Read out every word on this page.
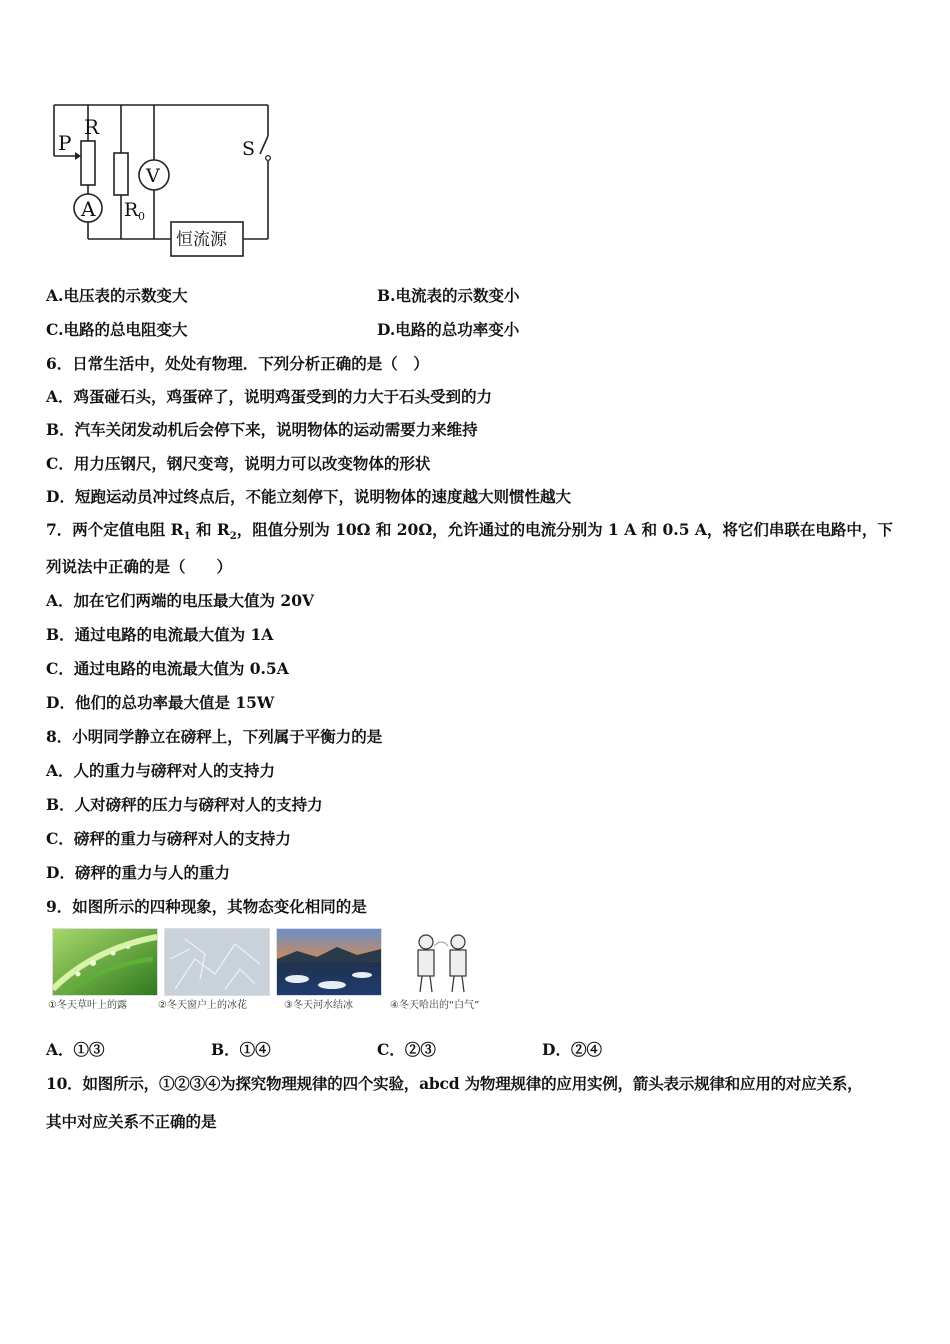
P
R
A
V
R 0
S
恒流源
A.电压表的示数变大	B.电流表的示数变小
C.电路的总电阻变大	D.电路的总功率变小
6．日常生活中，处处有物理．下列分析正确的是（　）
A．鸡蛋碰石头，鸡蛋碎了，说明鸡蛋受到的力大于石头受到的力
B．汽车关闭发动机后会停下来，说明物体的运动需要力来维持
C．用力压钢尺，钢尺变弯，说明力可以改变物体的形状
D．短跑运动员冲过终点后，不能立刻停下，说明物体的速度越大则惯性越大
7．两个定值电阻 $R_1$ 和 $R_2$，阻值分别为 10Ω 和 20Ω，允许通过的电流分别为 1 A 和 0.5 A，将它们串联在电路中，下
列说法中正确的是（　　）
A．加在它们两端的电压最大值为 20V
B．通过电路的电流最大值为 1A
C．通过电路的电流最大值为 0.5A
D．他们的总功率最大值是 15W
8．小明同学静立在磅秤上，下列属于平衡力的是
A．人的重力与磅秤对人的支持力
B．人对磅秤的压力与磅秤对人的支持力
C．磅秤的重力与磅秤对人的支持力
D．磅秤的重力与人的重力
9．如图所示的四种现象，其物态变化相同的是
①冬天草叶上的露	②冬天窗户上的冰花	③冬天河水结冰	④冬天哈出的“白气”
A．①③	B．①④	C．②③	D．②④
10．如图所示，①②③④为探究物理规律的四个实验，abcd 为物理规律的应用实例，箭头表示规律和应用的对应关系，
其中对应关系不正确的是
